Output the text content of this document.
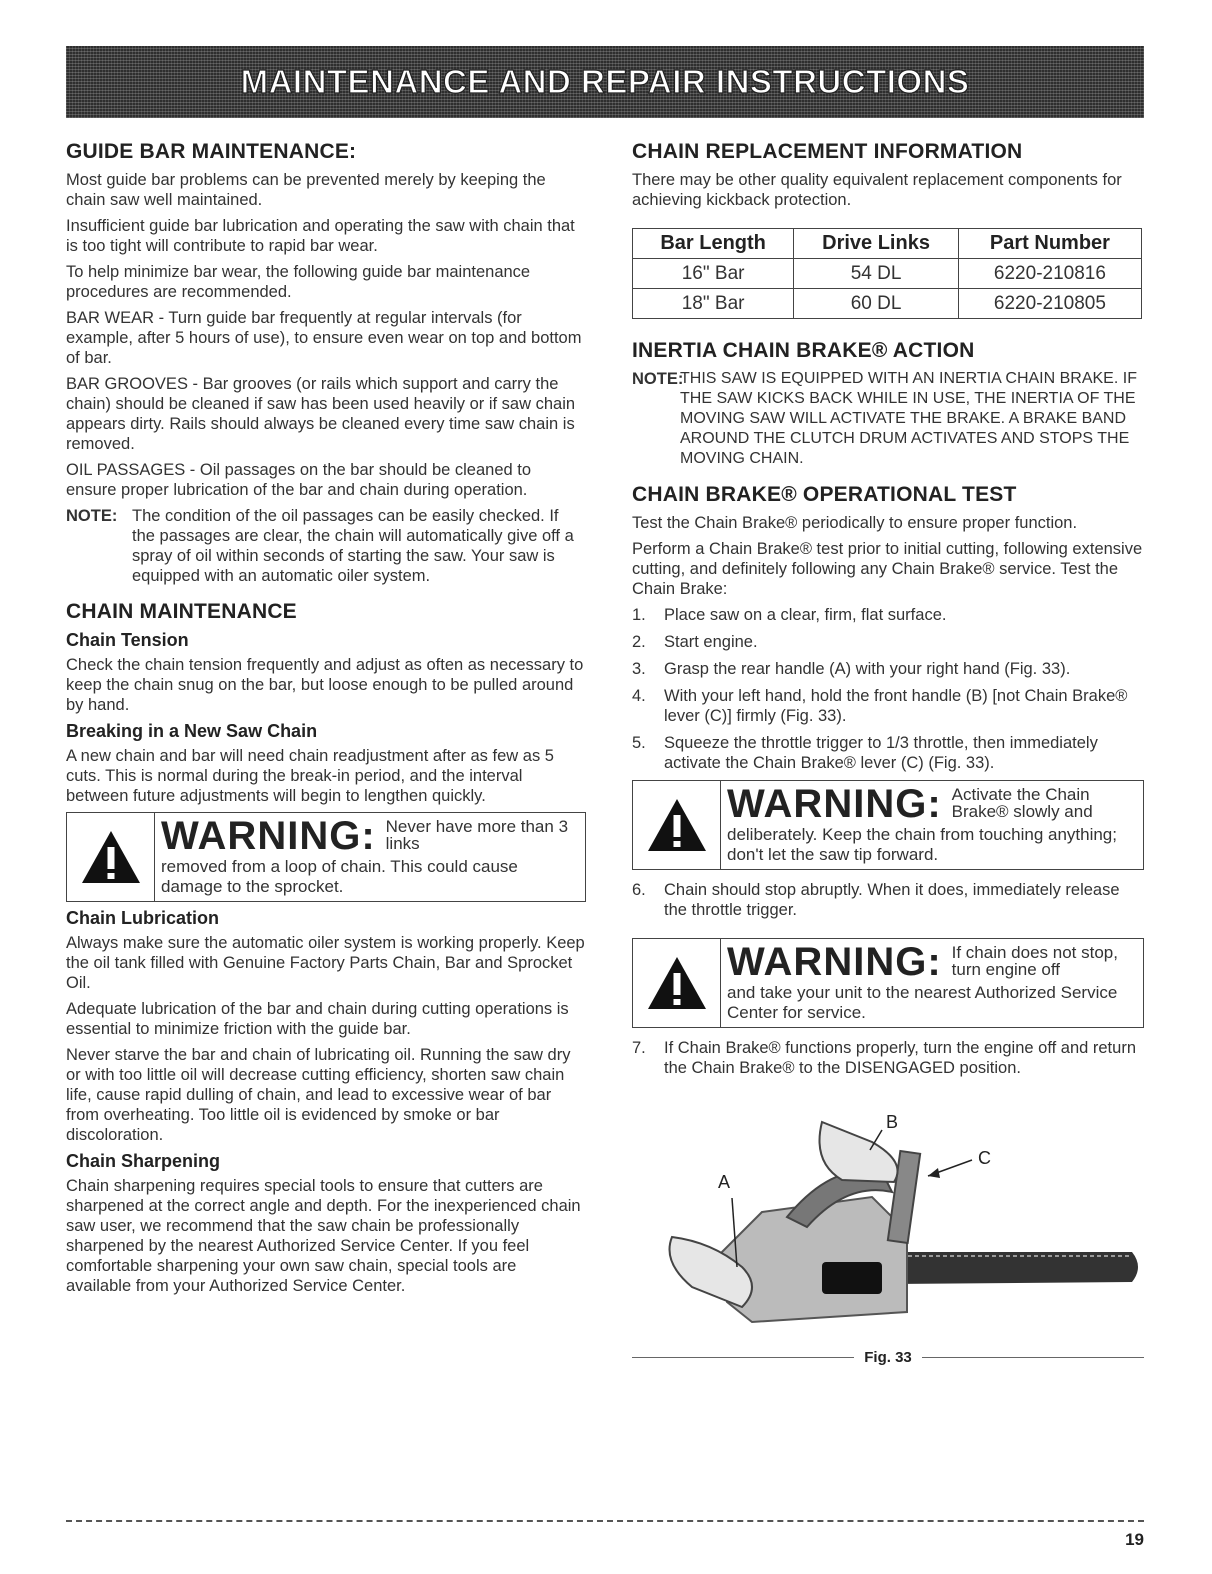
MAINTENANCE AND REPAIR INSTRUCTIONS
GUIDE BAR MAINTENANCE:

Most guide bar problems can be prevented merely by keeping the chain saw well maintained.

Insufficient guide bar lubrication and operating the saw with chain that is too tight will contribute to rapid bar wear.

To help minimize bar wear, the following guide bar maintenance procedures are recommended.

BAR WEAR - Turn guide bar frequently at regular intervals (for example, after 5 hours of use), to ensure even wear on top and bottom of bar.

BAR GROOVES - Bar grooves (or rails which support and carry the chain) should be cleaned if saw has been used heavily or if saw chain appears dirty. Rails should always be cleaned every time saw chain is removed.

OIL PASSAGES - Oil passages on the bar should be cleaned to ensure proper lubrication of the bar and chain during operation.

NOTE: The condition of the oil passages can be easily checked. If the passages are clear, the chain will automatically give off a spray of oil within seconds of starting the saw. Your saw is equipped with an automatic oiler system.
CHAIN MAINTENANCE
Chain Tension

Check the chain tension frequently and adjust as often as necessary to keep the chain snug on the bar, but loose enough to be pulled around by hand.

Breaking in a New Saw Chain

A new chain and bar will need chain readjustment after as few as 5 cuts. This is normal during the break-in period, and the interval between future adjustments will begin to lengthen quickly.

WARNING: Never have more than 3 links
removed from a loop of chain. This could cause damage to the sprocket.
Chain Lubrication

Always make sure the automatic oiler system is working properly. Keep the oil tank filled with Genuine Factory Parts Chain, Bar and Sprocket Oil.

Adequate lubrication of the bar and chain during cutting operations is essential to minimize friction with the guide bar.

Never starve the bar and chain of lubricating oil. Running the saw dry or with too little oil will decrease cutting efficiency, shorten saw chain life, cause rapid dulling of chain, and lead to excessive wear of bar from overheating. Too little oil is evidenced by smoke or bar discoloration.

Chain Sharpening

Chain sharpening requires special tools to ensure that cutters are sharpened at the correct angle and depth. For the inexperienced chain saw user, we recommend that the saw chain be professionally sharpened by the nearest Authorized Service Center. If you feel comfortable sharpening your own saw chain, special tools are available from your Authorized Service Center.

CHAIN REPLACEMENT INFORMATION

There may be other quality equivalent replacement components for achieving kickback protection.

Bar Length	Drive Links	Part Number
16" Bar	54 DL	6220-210816
18" Bar	60 DL	6220-210805
INERTIA CHAIN BRAKE® ACTION
NOTE:
THIS SAW IS EQUIPPED WITH AN INERTIA CHAIN BRAKE. IF THE SAW KICKS BACK WHILE IN USE, THE INERTIA OF THE MOVING SAW WILL ACTIVATE THE BRAKE. A BRAKE BAND AROUND THE CLUTCH DRUM ACTIVATES AND STOPS THE MOVING CHAIN.
CHAIN BRAKE® OPERATIONAL TEST

Test the Chain Brake® periodically to ensure proper function.

Perform a Chain Brake® test prior to initial cutting, following extensive cutting, and definitely following any Chain Brake® service. Test the Chain Brake:

1.	Place saw on a clear, firm, flat surface.
2.	Start engine.
3.	Grasp the rear handle (A) with your right hand (Fig. 33).
4.	With your left hand, hold the front handle (B) [not Chain Brake® lever (C)] firmly (Fig. 33).
5.	Squeeze the throttle trigger to 1/3 throttle, then immediately activate the Chain Brake® lever (C) (Fig. 33).
WARNING: Activate the Chain Brake® slowly and
deliberately. Keep the chain from touching anything; don't let the saw tip forward.
6.	Chain should stop abruptly. When it does, immediately release the throttle trigger.
WARNING: If chain does not stop, turn engine off
and take your unit to the nearest Authorized Service Center for service.
7.	If Chain Brake® functions properly, turn the engine off and return the Chain Brake® to the DISENGAGED position.
A
B
C
Fig. 33
19
